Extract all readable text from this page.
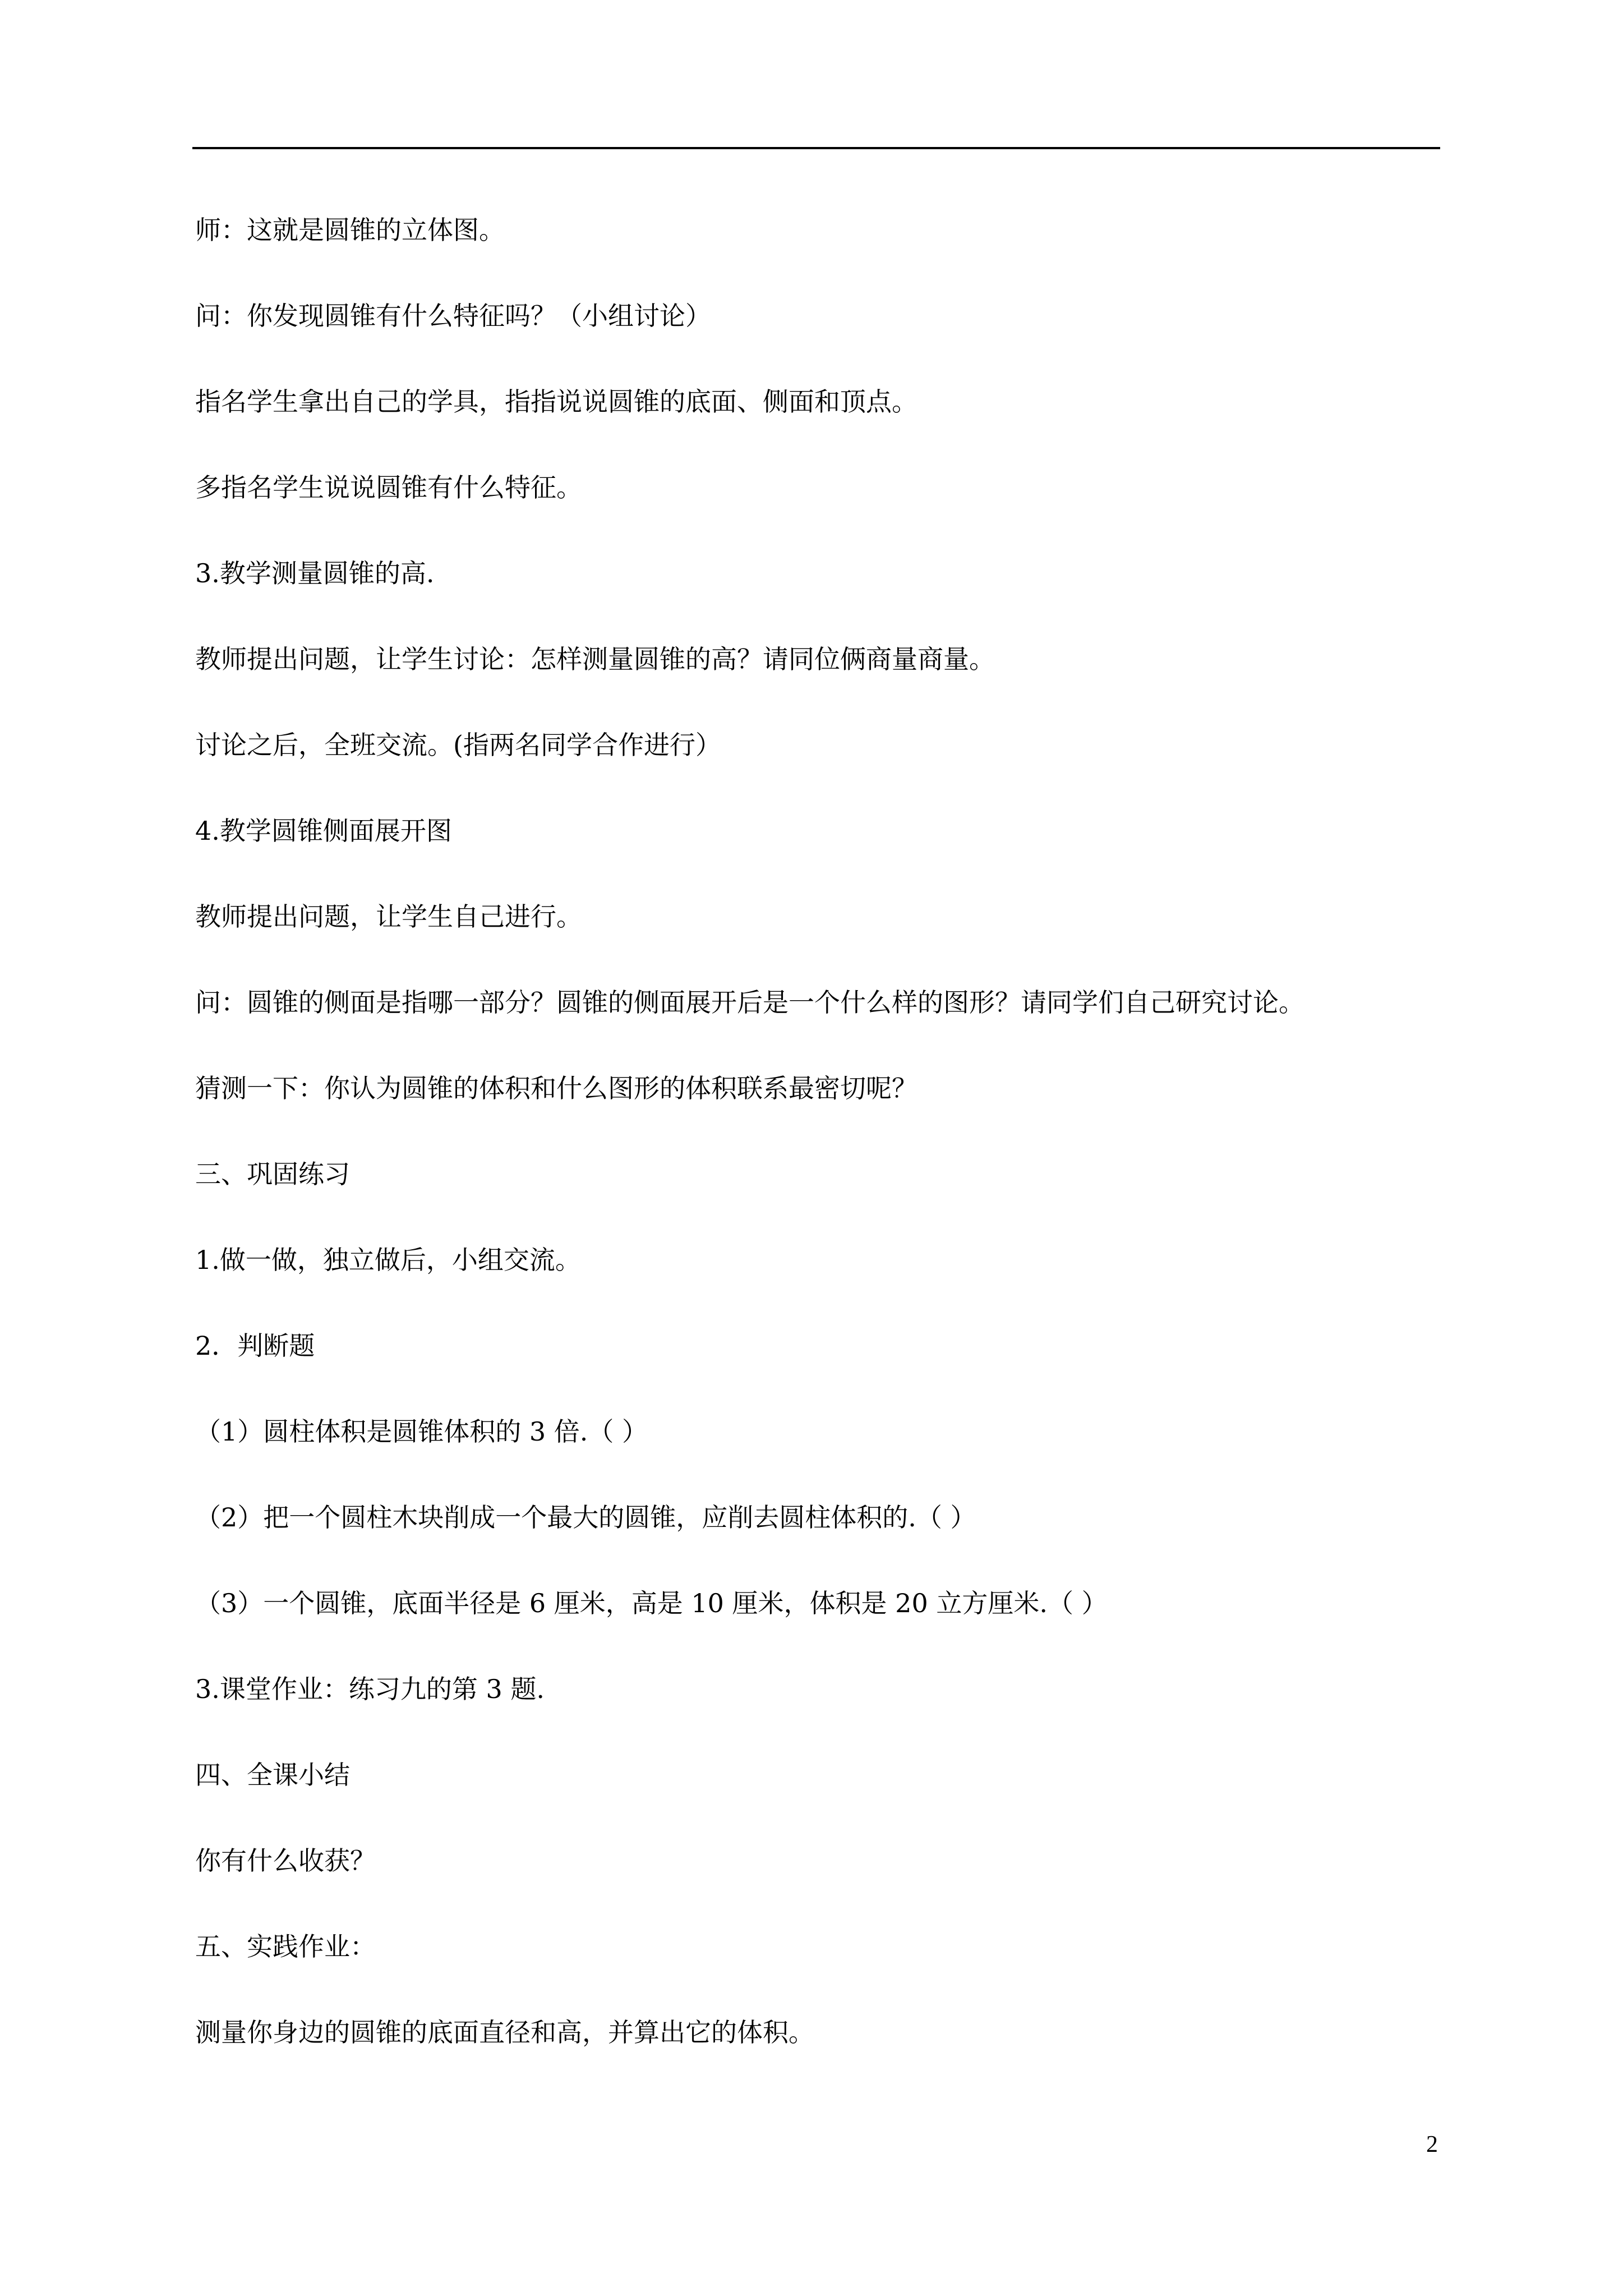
师：这就是圆锥的立体图。

问：你发现圆锥有什么特征吗？（小组讨论）

指名学生拿出自己的学具，指指说说圆锥的底面、侧面和顶点。

多指名学生说说圆锥有什么特征。

3.教学测量圆锥的高.

教师提出问题，让学生讨论：怎样测量圆锥的高？请同位俩商量商量。

讨论之后，全班交流。(指两名同学合作进行）

4.教学圆锥侧面展开图

教师提出问题，让学生自己进行。

问：圆锥的侧面是指哪一部分？圆锥的侧面展开后是一个什么样的图形？请同学们自己研究讨论。

猜测一下：你认为圆锥的体积和什么图形的体积联系最密切呢？

三、巩固练习

1.做一做，独立做后，小组交流。

2．判断题

（1）圆柱体积是圆锥体积的 3 倍.（ ）

（2）把一个圆柱木块削成一个最大的圆锥，应削去圆柱体积的.（ ）

（3）一个圆锥，底面半径是 6 厘米，高是 10 厘米，体积是 20 立方厘米.（ ）

3.课堂作业：练习九的第 3 题.

四、全课小结

你有什么收获？

五、实践作业：

测量你身边的圆锥的底面直径和高，并算出它的体积。

2
